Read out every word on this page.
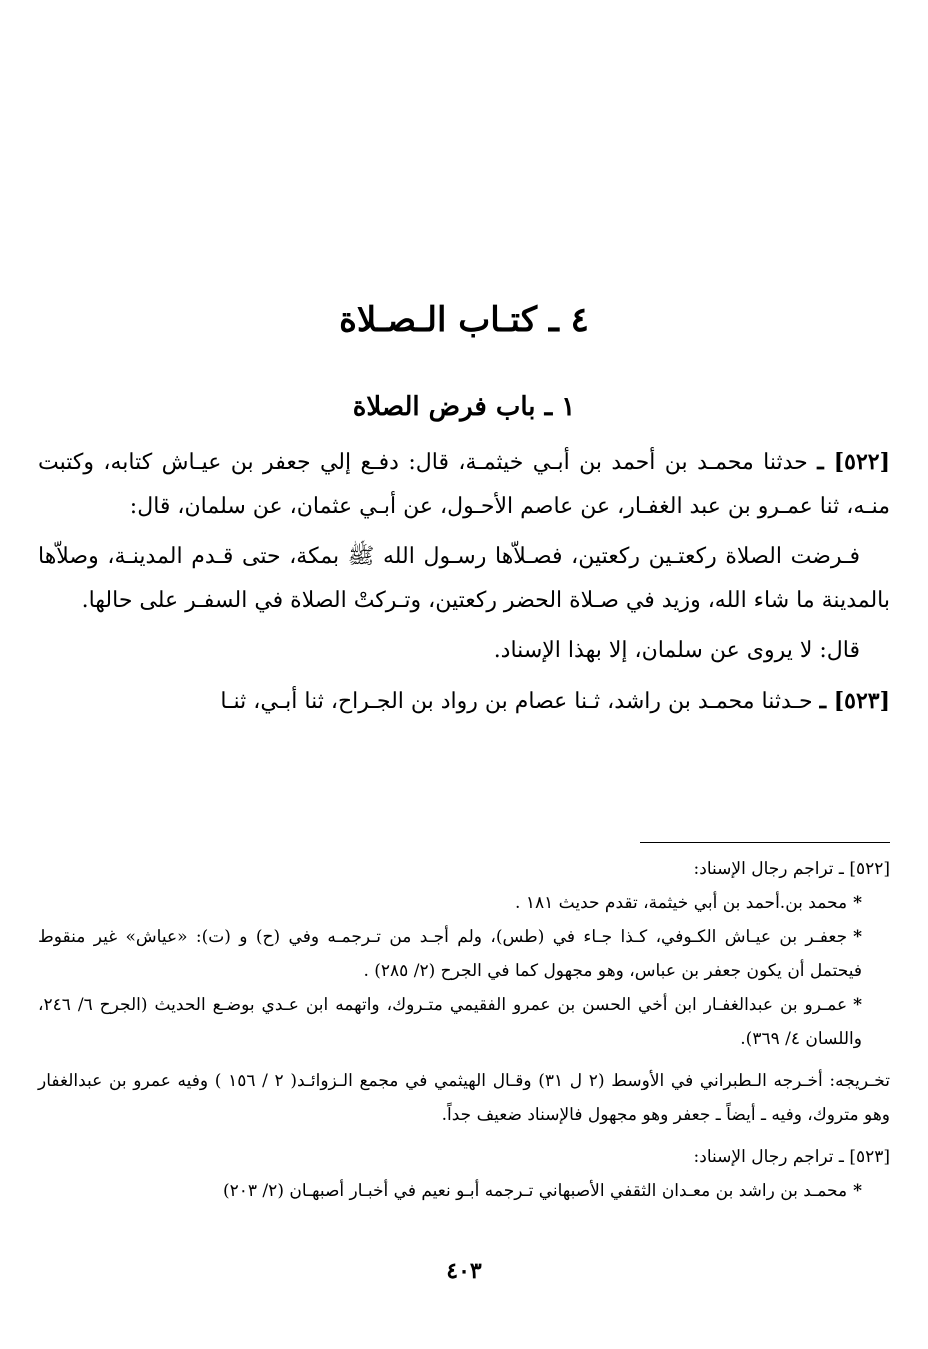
٤ ـ كتـاب الـصـلاة
١ ـ باب فرض الصلاة

[٥٢٢] ـ حدثنا محمـد بن أحمد بن أبـي خيثمـة، قال: دفـع إلي جعفر بن عيـاش كتابه، وكتبت منـه، ثنا عمـرو بن عبد الغفـار، عن عاصم الأحـول، عن أبـي عثمان، عن سلمان، قال:

فـرضت الصلاة ركعتـين ركعتين، فصـلاّها رسـول الله ﷺ بمكة، حتى قـدم المدينـة، وصلاّها بالمدينة ما شاء الله، وزيد في صـلاة الحضر ركعتين، وتـركتْ الصلاة في السفـر على حالها.

قال: لا يروى عن سلمان، إلا بهذا الإسناد.

[٥٢٣] ـ حـدثنا محمـد بن راشد، ثـنا عصام بن رواد بن الجـراح، ثنا أبـي، ثنـا

[٥٢٢] ـ تراجم رجال الإسناد:

*محمد بن.أحمد بن أبي خيثمة، تقدم حديث ١٨١ .

*جعفـر بن عيـاش الكـوفي، كـذا جـاء في (طس)، ولم أجـد من تـرجمـه وفي (ح) و (ت): «عياش» غير منقوط فيحتمل أن يكون جعفر بن عباس، وهو مجهول كما في الجرح (٢/ ٢٨٥) .

*عمـرو بن عبدالغفـار ابن أخي الحسن بن عمرو الفقيمي متـروك، واتهمه ابن عـدي بوضـع الحديث (الجرح ٦/ ٢٤٦، واللسان ٤/ ٣٦٩).

تخـريجه: أخـرجه الـطبراني في الأوسط (٢ ل ٣١) وقـال الهيثمي في مجمع الـزوائـد( ٢ / ١٥٦ ) وفيه عمرو بن عبدالغفار وهو متروك، وفيه ـ أيضاً ـ جعفر وهو مجهول فالإسناد ضعيف جداً.

[٥٢٣] ـ تراجم رجال الإسناد:

*محمـد بن راشد بن معـدان الثقفي الأصبهاني تـرجمه أبـو نعيم في أخبـار أصبهـان (٢/ ٢٠٣)

٤٠٣
